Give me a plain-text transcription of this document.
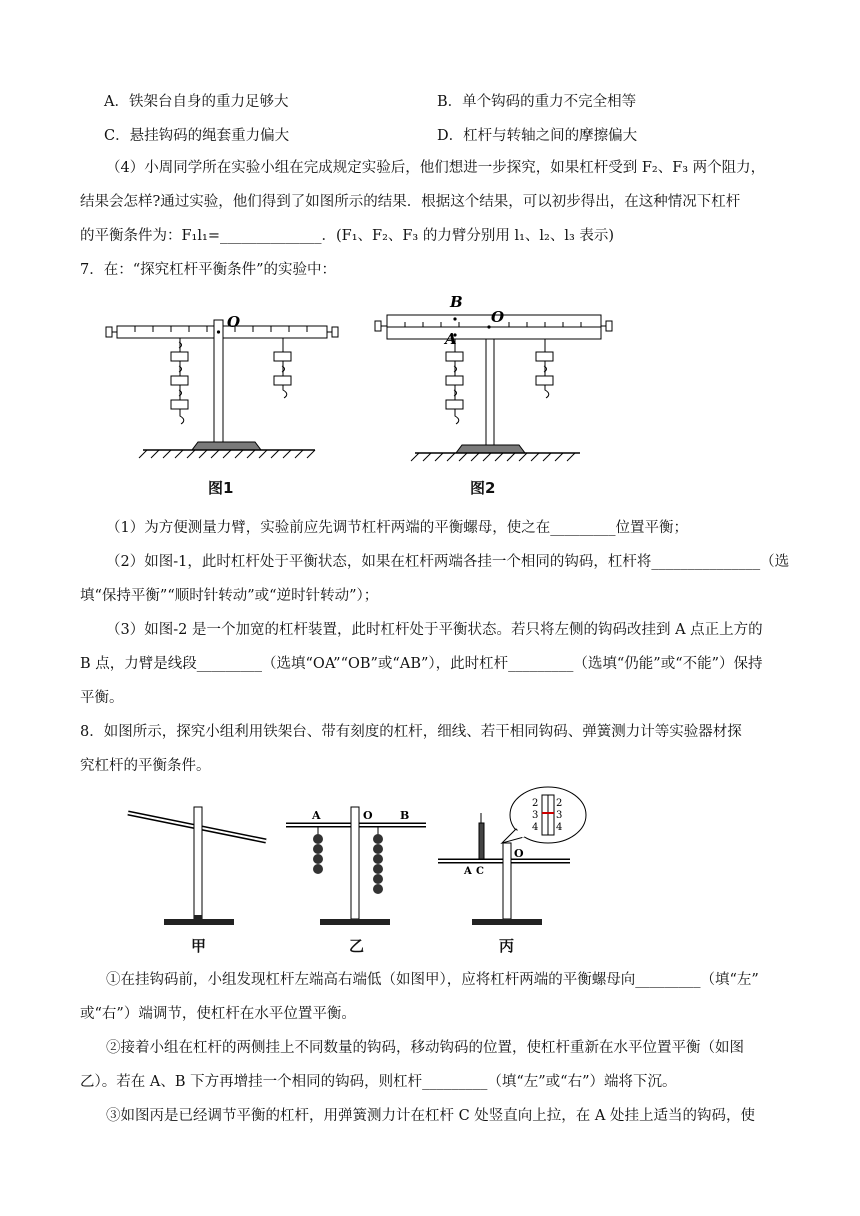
A．铁架台自身的重力足够大	B．单个钩码的重力不完全相等
C．悬挂钩码的绳套重力偏大	D．杠杆与转轴之间的摩擦偏大
（4）小周同学所在实验小组在完成规定实验后，他们想进一步探究，如果杠杆受到 F₂、F₃ 两个阻力，
结果会怎样?通过实验，他们得到了如图所示的结果．根据这个结果，可以初步得出，在这种情况下杠杆
的平衡条件为：F₁l₁=______________．(F₁、F₂、F₃ 的力臂分别用 l₁、l₂、l₃ 表示)
7．在：“探究杠杆平衡条件”的实验中：
O
B
O
A
图1	图2
（1）为方便测量力臂，实验前应先调节杠杆两端的平衡螺母，使之在_________位置平衡；
（2）如图-1，此时杠杆处于平衡状态，如果在杠杆两端各挂一个相同的钩码，杠杆将_______________（选
填“保持平衡”“顺时针转动”或“逆时针转动”）；
（3）如图-2 是一个加宽的杠杆装置，此时杠杆处于平衡状态。若只将左侧的钩码改挂到 A 点正上方的
B 点，力臂是线段_________（选填“OA”“OB”或“AB”），此时杠杆_________（选填“仍能”或“不能”）保持
平衡。
8．如图所示，探究小组利用铁架台、带有刻度的杠杆，细线、若干相同钩码、弹簧测力计等实验器材探
究杠杆的平衡条件。
A	O B
O
A C
2
3
4
2
3
4
甲	乙	丙
①在挂钩码前，小组发现杠杆左端高右端低（如图甲），应将杠杆两端的平衡螺母向_________（填“左”
或“右”）端调节，使杠杆在水平位置平衡。
②接着小组在杠杆的两侧挂上不同数量的钩码，移动钩码的位置，使杠杆重新在水平位置平衡（如图
乙）。若在 A、B 下方再增挂一个相同的钩码，则杠杆_________（填“左”或“右”）端将下沉。
③如图丙是已经调节平衡的杠杆，用弹簧测力计在杠杆 C 处竖直向上拉，在 A 处挂上适当的钩码，使
